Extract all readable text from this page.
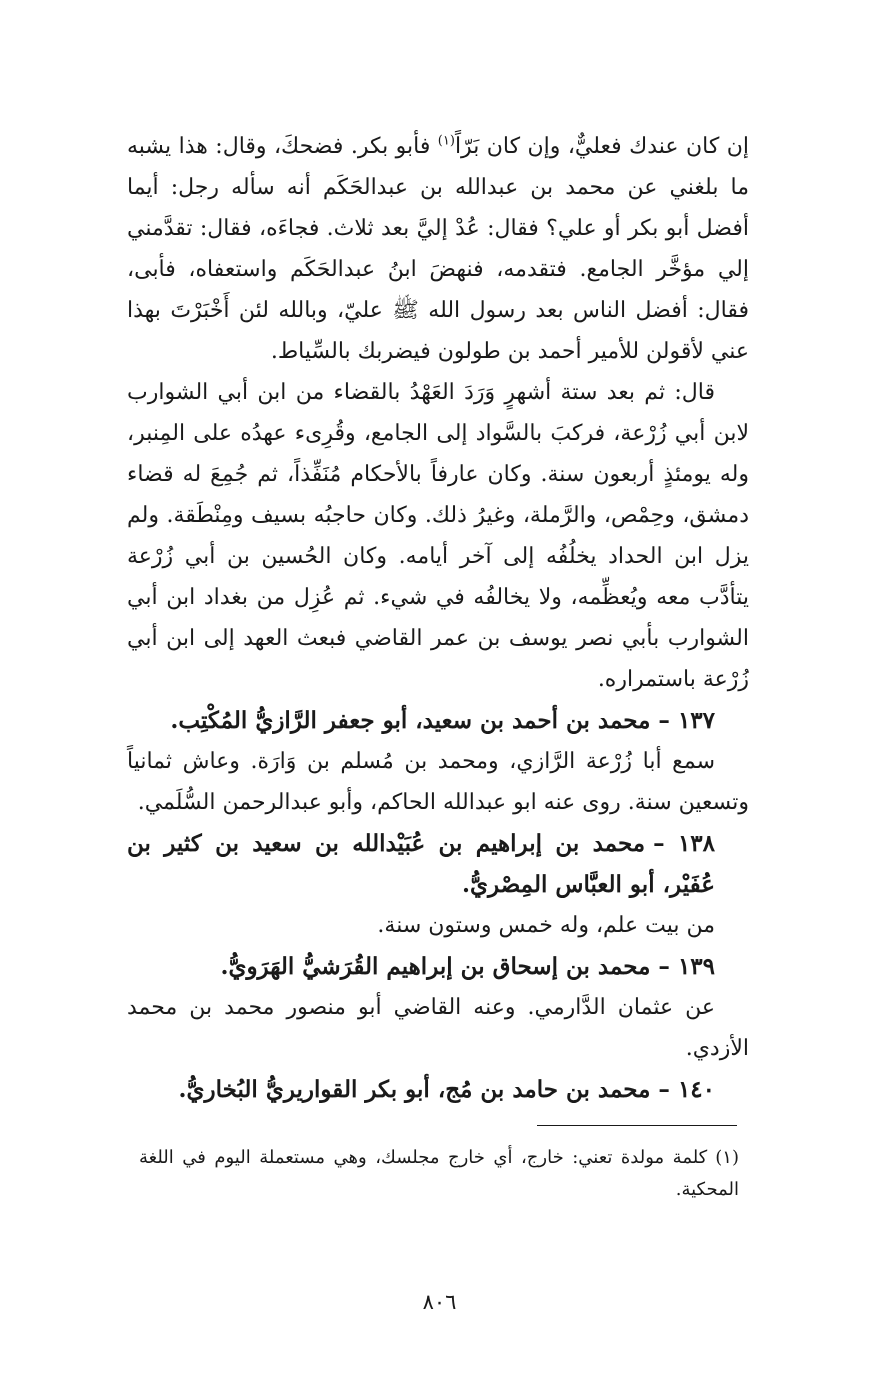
إن كان عندك فعليٌّ، وإن كان بَرّاً$^{(١)}$ فأبو بكر. فضحكَ، وقال: هذا يشبه ما بلغني عن محمد بن عبدالله بن عبدالحَكَم أنه سأله رجل: أيما أفضل أبو بكر أو علي؟ فقال: عُدْ إليَّ بعد ثلاث. فجاءَه، فقال: تقدَّمني إلي مؤخَّر الجامع. فتقدمه، فنهضَ ابنُ عبدالحَكَم واستعفاه، فأبى، فقال: أفضل الناس بعد رسول الله ﷺ عليّ، وبالله لئن أَخْبَرْتَ بهذا عني لأقولن للأمير أحمد بن طولون فيضربك بالسِّياط.

قال: ثم بعد ستة أشهرٍ وَرَدَ العَهْدُ بالقضاء من ابن أبي الشوارب لابن أبي زُرْعة، فركبَ بالسَّواد إلى الجامع، وقُرِىء عهدُه على المِنبر، وله يومئذٍ أربعون سنة. وكان عارفاً بالأحكام مُنَفِّذاً، ثم جُمِعَ له قضاء دمشق، وحِمْص، والرَّملة، وغيرُ ذلك. وكان حاجبُه بسيف ومِنْطَقة. ولم يزل ابن الحداد يخلُفُه إلى آخر أيامه. وكان الحُسين بن أبي زُرْعة يتأدَّب معه ويُعظِّمه، ولا يخالفُه في شيء. ثم عُزِل من بغداد ابن أبي الشوارب بأبي نصر يوسف بن عمر القاضي فبعث العهد إلى ابن أبي زُرْعة باستمراره.

١٣٧ –محمد بن أحمد بن سعيد، أبو جعفر الرَّازيُّ المُكْتِب.

سمع أبا زُرْعة الرَّازي، ومحمد بن مُسلم بن وَارَة. وعاش ثمانياً وتسعين سنة. روى عنه ابو عبدالله الحاكم، وأبو عبدالرحمن السُّلَمي.

١٣٨ –محمد بن إبراهيم بن عُبَيْدالله بن سعيد بن كثير بن عُفَيْر، أبو العبَّاس المِصْريُّ.

من بيت علم، وله خمس وستون سنة.

١٣٩ –محمد بن إسحاق بن إبراهيم القُرَشيُّ الهَرَويُّ.

عن عثمان الدَّارمي. وعنه القاضي أبو منصور محمد بن محمد الأزدي.

١٤٠ –محمد بن حامد بن مُج، أبو بكر القواريريُّ البُخاريُّ.

(١)كلمة مولدة تعني: خارج، أي خارج مجلسك، وهي مستعملة اليوم في اللغة المحكية.

٨٠٦
